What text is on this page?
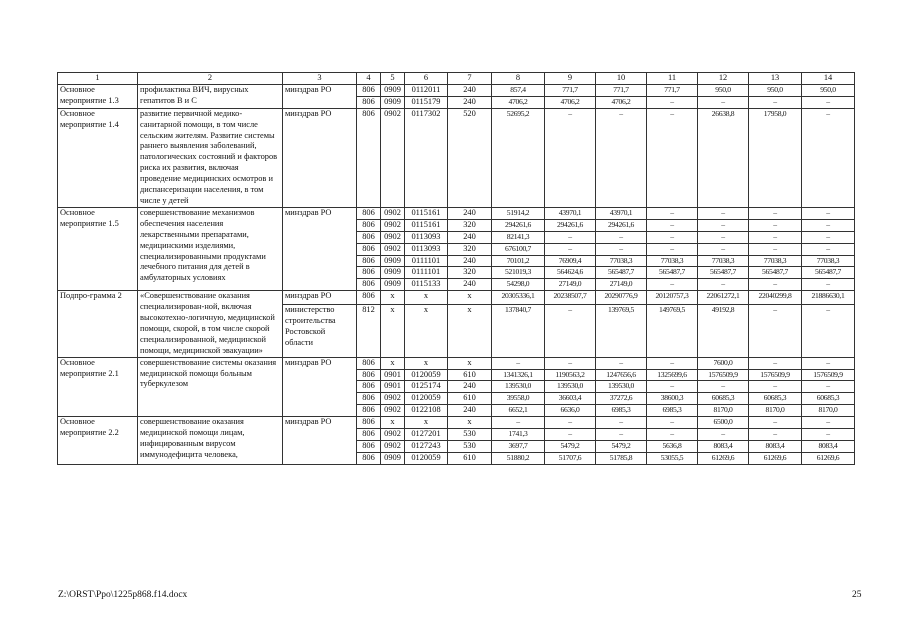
1	2	3	4	5	6	7	8	9	10	11	12	13	14
Основное мероприятие 1.3	профилактика ВИЧ, вирусных гепатитов В и С	минздрав РО	806	0909	0112011	240	857,4	771,7	771,7	771,7	950,0	950,0	950,0
			806	0909	0115179	240	4706,2	4706,2	4706,2	–	–	–	–
Основное мероприятие 1.4	развитие первичной медико-санитарной помощи, в том числе сельским жителям. Развитие системы раннего выявления заболеваний, патологических состояний и факторов риска их развития, включая проведение медицинских осмотров и диспансеризации населения, в том числе у детей	минздрав РО	806	0902	0117302	520	52695,2	–	–	–	26638,8	17958,0	–
Основное мероприятие 1.5	совершенствование механизмов обеспечения населения лекарственными препаратами, медицинскими изделиями, специализированными продуктами лечебного питания для детей в амбулаторных условиях	минздрав РО	806	0902	0115161	240	51914,2	43970,1	43970,1	–	–	–	–
			806	0902	0115161	320	294261,6	294261,6	294261,6	–	–	–	–
			806	0902	0113093	240	82141,3	–	–	–	–	–	–
			806	0902	0113093	320	676100,7	–	–	–	–	–	–
			806	0909	0111101	240	70101,2	76909,4	77038,3	77038,3	77038,3	77038,3	77038,3
			806	0909	0111101	320	521019,3	564624,6	565487,7	565487,7	565487,7	565487,7	565487,7
			806	0909	0115133	240	54298,0	27149,0	27149,0	–	–	–	–
Подпро-грамма 2	«Совершенствование оказания специализирован-ной, включая высокотехно-логичную, медицинской помощи, скорой, в том числе скорой специализированной, медицинской помощи, медицинской эвакуации»	минздрав РО	806	x	x	x	20305336,1	20238507,7	20290776,9	20120757,3	22061272,1	22040299,8	21886630,1
		министерство строительства Ростовской области	812	x	x	x	137840,7	–	139769,5	149769,5	49192,8	–	–
Основное мероприятие 2.1	совершенствование системы оказания медицинской помощи больным туберкулезом	минздрав РО	806	x	x	x	–	–	–	–	7600,0	–	–
			806	0901	0120059	610	1341326,1	1190563,2	1247656,6	1325699,6	1576509,9	1576509,9	1576509,9
			806	0901	0125174	240	139530,0	139530,0	139530,0	–	–	–	–
			806	0902	0120059	610	39558,0	36603,4	37272,6	38600,3	60685,3	60685,3	60685,3
			806	0902	0122108	240	6652,1	6636,0	6985,3	6985,3	8170,0	8170,0	8170,0
Основное мероприятие 2.2	совершенствование оказания медицинской помощи лицам, инфицированным вирусом иммунодефицита человека,	минздрав РО	806	x	x	x	–	–	–	–	6500,0	–	–
			806	0902	0127201	530	1741,3	–	–	–	–	–	–
			806	0902	0127243	530	3697,7	5479,2	5479,2	5636,8	8083,4	8083,4	8083,4
			806	0909	0120059	610	51880,2	51707,6	51785,8	53055,5	61269,6	61269,6	61269,6
Z:\ORST\Ppo\1225p868.f14.docx	25
